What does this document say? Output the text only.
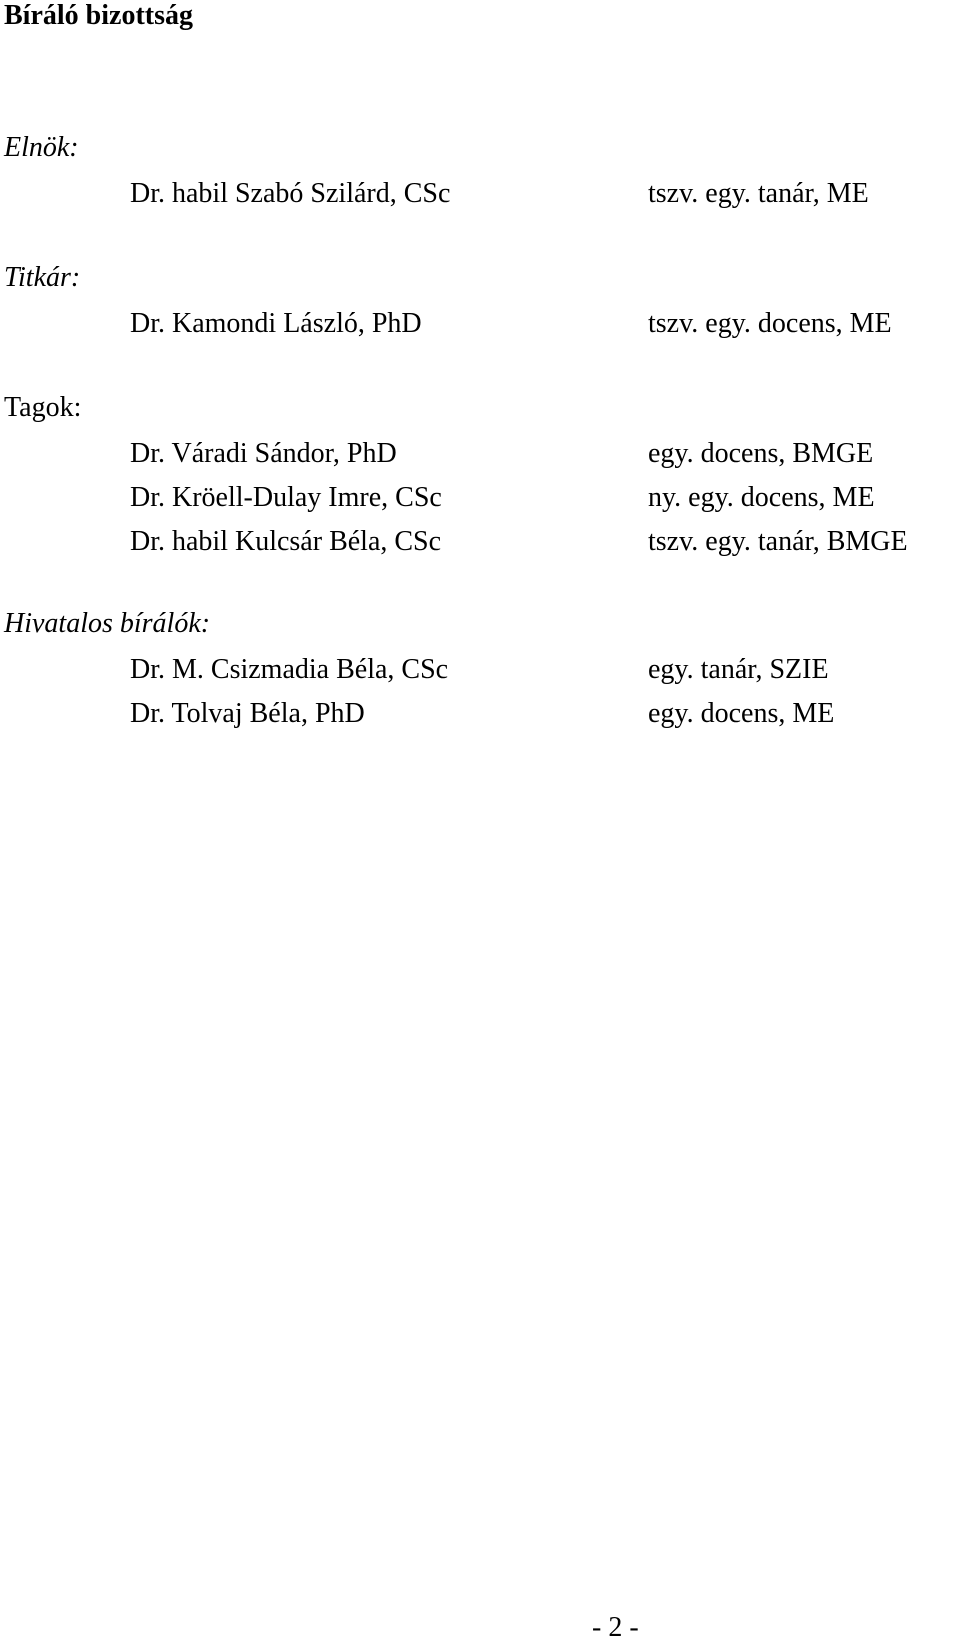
Bíráló bizottság
Elnök:
Dr. habil Szabó Szilárd, CSc	tszv. egy. tanár, ME
Titkár:
Dr. Kamondi László, PhD	tszv. egy. docens, ME
Tagok:
Dr. Váradi Sándor, PhD	egy. docens, BMGE
Dr. Kröell-Dulay Imre, CSc	ny. egy. docens, ME
Dr. habil Kulcsár Béla, CSc	tszv. egy. tanár, BMGE
Hivatalos bírálók:
Dr. M. Csizmadia Béla, CSc	egy. tanár, SZIE
Dr. Tolvaj Béla, PhD	egy. docens, ME
- 2 -
